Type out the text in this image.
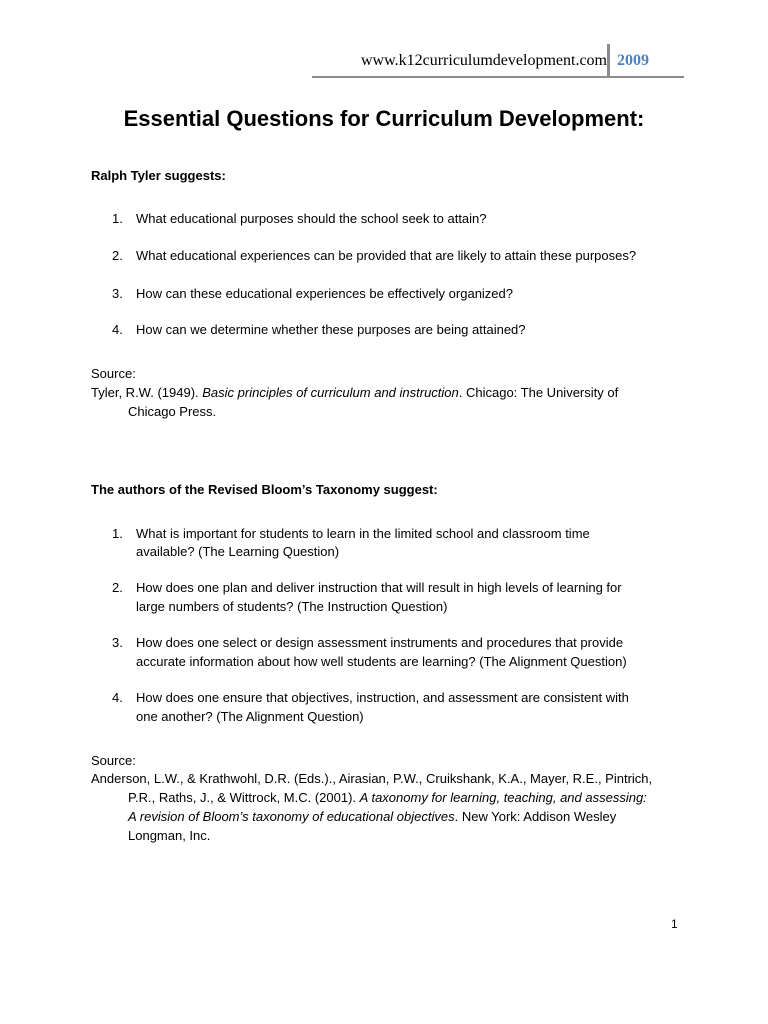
www.k12curriculumdevelopment.com 2009
Essential Questions for Curriculum Development:
Ralph Tyler suggests:
1. What educational purposes should the school seek to attain?
2. What educational experiences can be provided that are likely to attain these purposes?
3. How can these educational experiences be effectively organized?
4. How can we determine whether these purposes are being attained?
Source:
Tyler, R.W. (1949). Basic principles of curriculum and instruction. Chicago: The University of
Chicago Press.
The authors of the Revised Bloom’s Taxonomy suggest:
1. What is important for students to learn in the limited school and classroom time
available? (The Learning Question)
2. How does one plan and deliver instruction that will result in high levels of learning for
large numbers of students? (The Instruction Question)
3. How does one select or design assessment instruments and procedures that provide
accurate information about how well students are learning? (The Alignment Question)
4. How does one ensure that objectives, instruction, and assessment are consistent with
one another? (The Alignment Question)
Source:
Anderson, L.W., & Krathwohl, D.R. (Eds.)., Airasian, P.W., Cruikshank, K.A., Mayer, R.E., Pintrich,
P.R., Raths, J., & Wittrock, M.C. (2001). A taxonomy for learning, teaching, and assessing:
A revision of Bloom’s taxonomy of educational objectives. New York: Addison Wesley
Longman, Inc.
1
